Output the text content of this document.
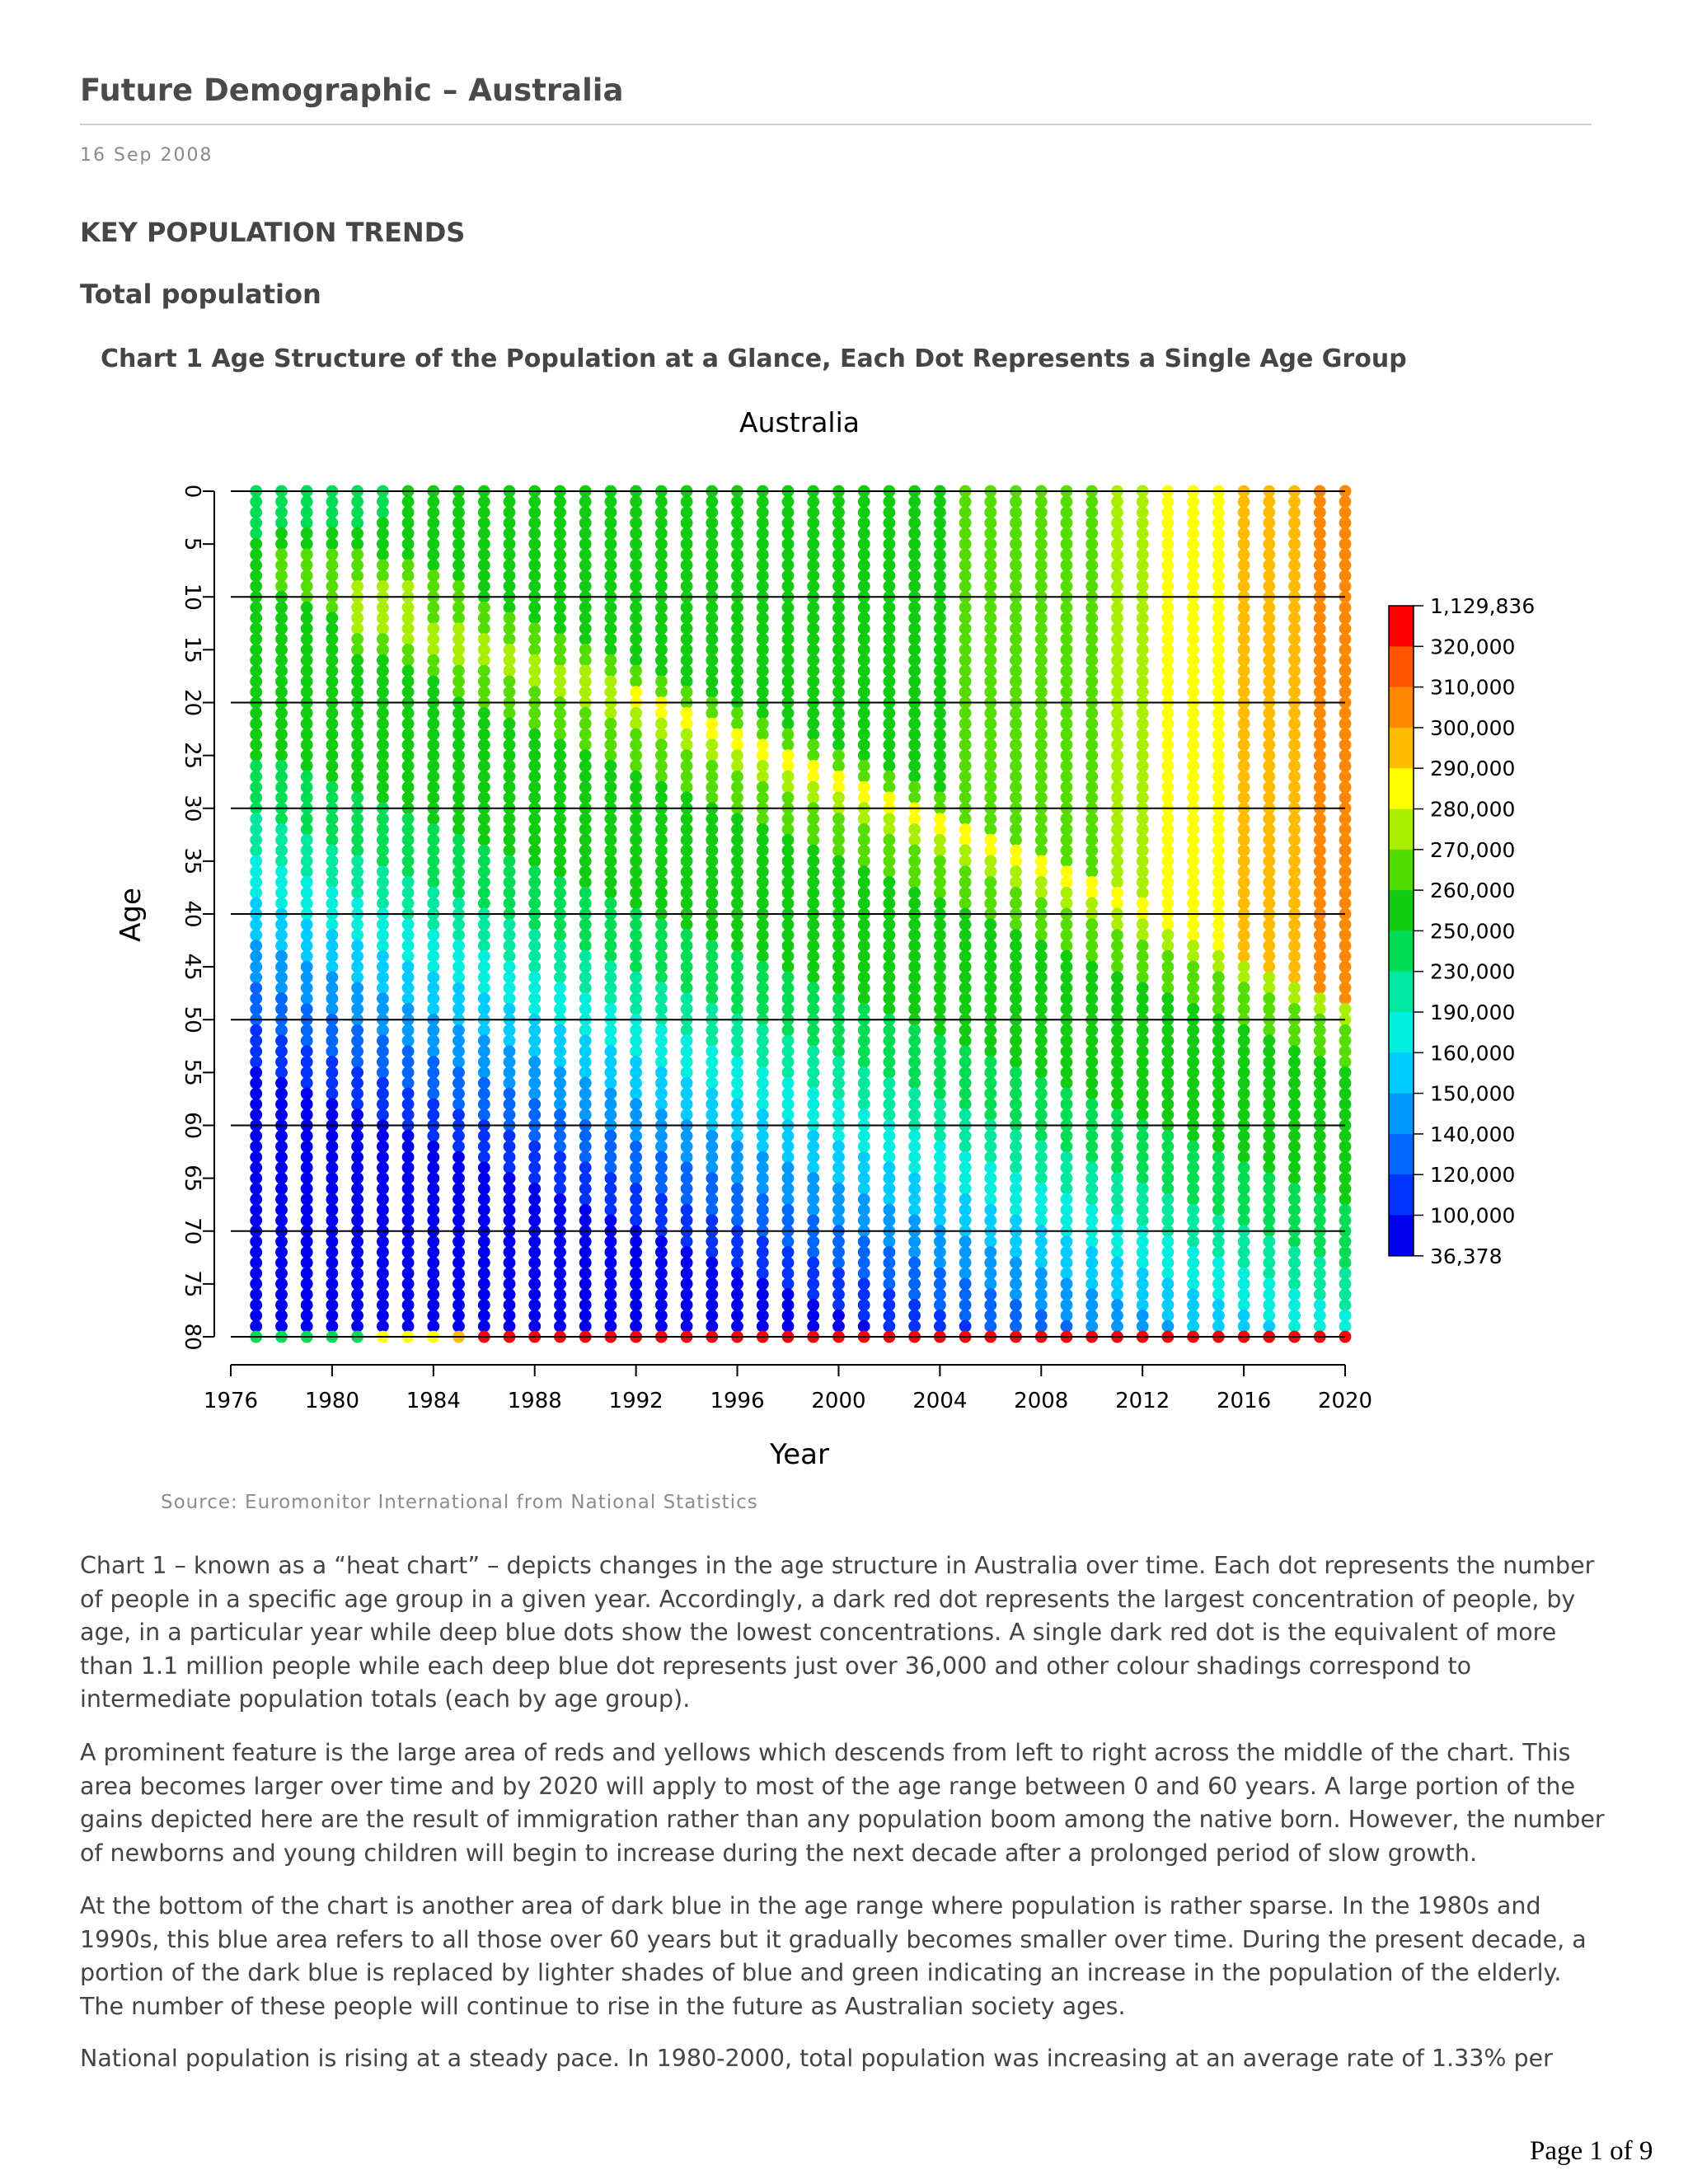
Future Demographic – Australia
16 Sep 2008
KEY POPULATION TRENDS
Total population
Chart 1 Age Structure of the Population at a Glance, Each Dot Represents a Single Age Group
Australia
0
5
10
15
20
25
30
35
40
45
50
55
60
65
70
75
80
1976 1980 1984 1988 1992 1996 2000 2004 2008 2012 2016 2020
Age
Year
1,129,836
320,000
310,000
300,000
290,000
280,000
270,000
260,000
250,000
230,000
190,000
160,000
150,000
140,000
120,000
100,000
36,378
Source: Euromonitor International from National Statistics

Chart 1 – known as a “heat chart” – depicts changes in the age structure in Australia over time. Each dot represents the number of people in a specific age group in a given year. Accordingly, a dark red dot represents the largest concentration of people, by age, in a particular year while deep blue dots show the lowest concentrations. A single dark red dot is the equivalent of more than 1.1 million people while each deep blue dot represents just over 36,000 and other colour shadings correspond to intermediate population totals (each by age group).

A prominent feature is the large area of reds and yellows which descends from left to right across the middle of the chart. This area becomes larger over time and by 2020 will apply to most of the age range between 0 and 60 years. A large portion of the gains depicted here are the result of immigration rather than any population boom among the native born. However, the number of newborns and young children will begin to increase during the next decade after a prolonged period of slow growth.

At the bottom of the chart is another area of dark blue in the age range where population is rather sparse. In the 1980s and 1990s, this blue area refers to all those over 60 years but it gradually becomes smaller over time. During the present decade, a portion of the dark blue is replaced by lighter shades of blue and green indicating an increase in the population of the elderly. The number of these people will continue to rise in the future as Australian society ages.

National population is rising at a steady pace. In 1980-2000, total population was increasing at an average rate of 1.33% per

Page 1 of 9
